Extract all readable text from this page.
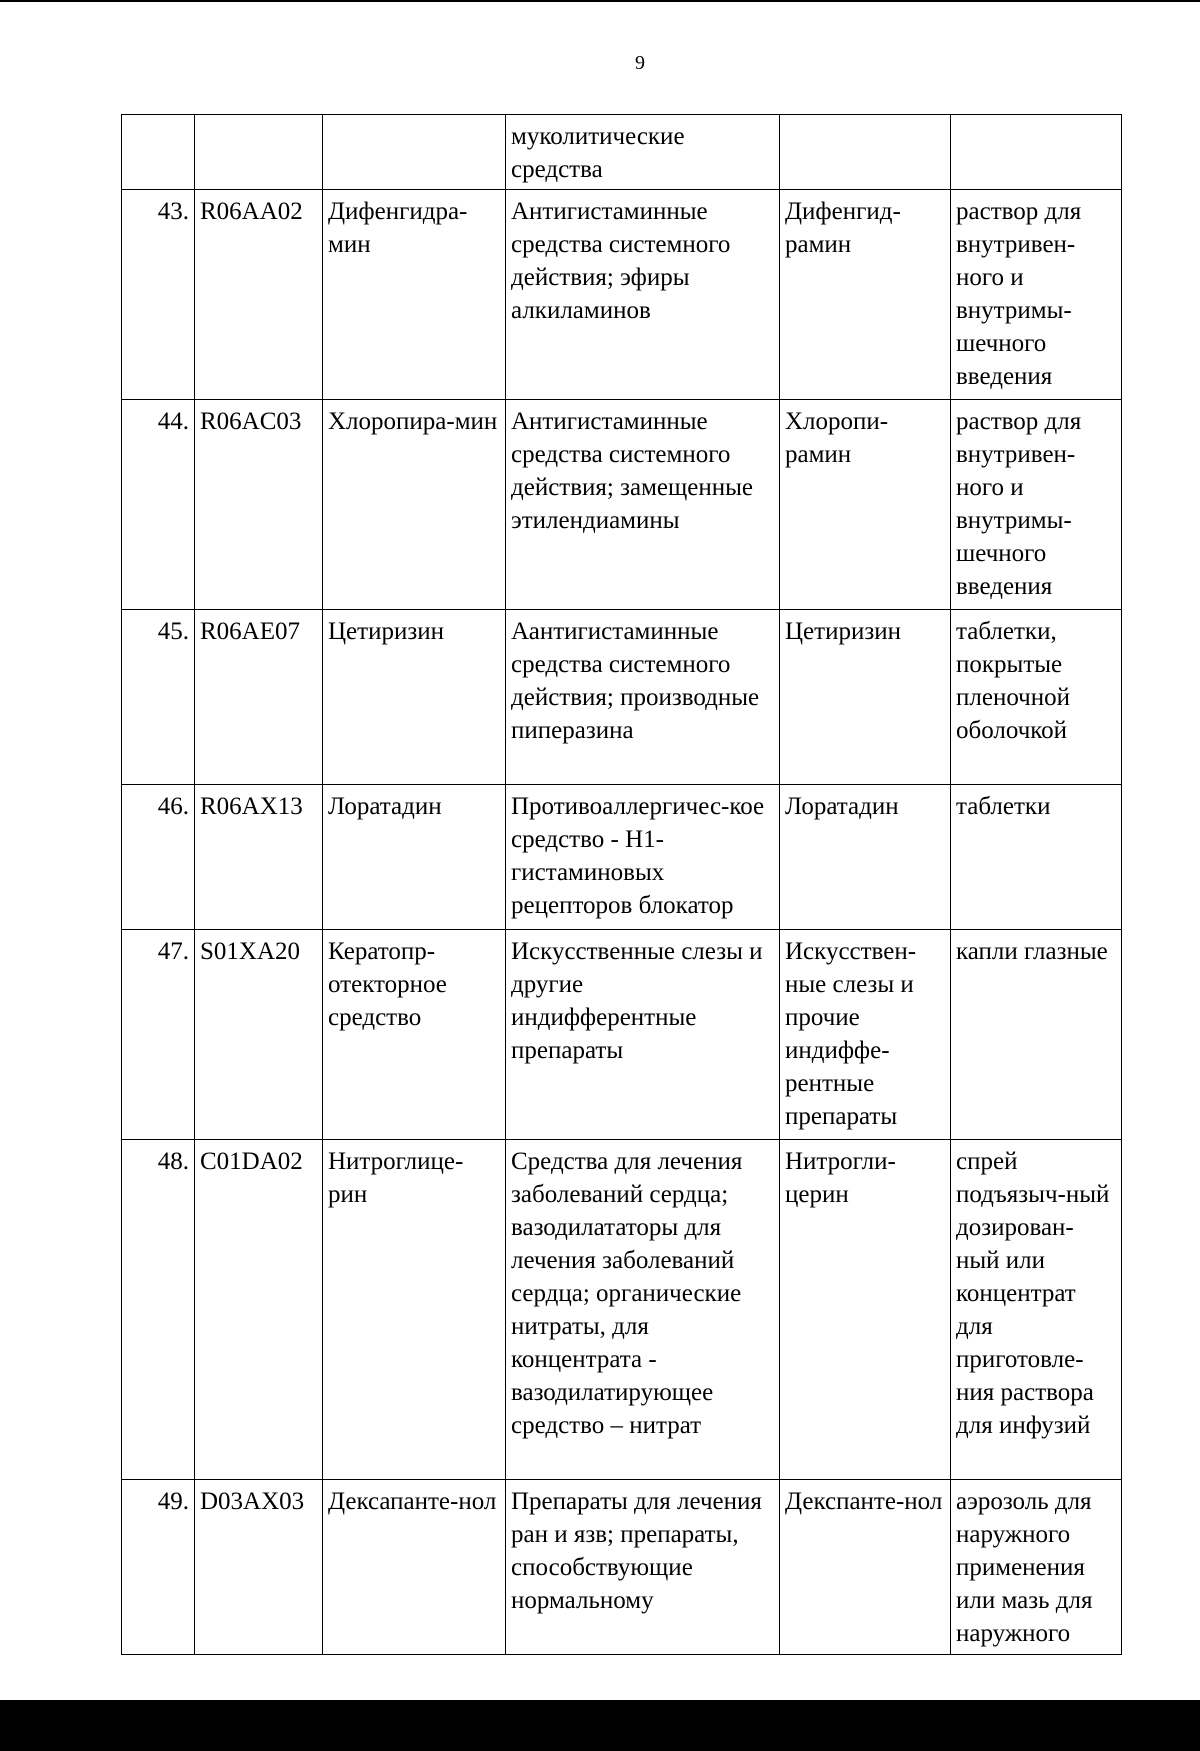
9
			муколитические средства		
43.	R06AA02	Дифенгидра-мин	Антигистаминные средства системного действия; эфиры алкиламинов	Дифенгид-рамин	раствор для внутривен-ного и внутримы-шечного введения
44.	R06AC03	Хлоропира-мин	Антигистаминные средства системного действия; замещенные этилендиамины	Хлоропи-рамин	раствор для внутривен-ного и внутримы-шечного введения
45.	R06AE07	Цетиризин	Аантигистаминные средства системного действия; производные пиперазина	Цетиризин	таблетки, покрытые пленочной оболочкой
46.	R06AX13	Лоратадин	Противоаллергичес-кое средство - Н1-гистаминовых рецепторов блокатор	Лоратадин	таблетки
47.	S01XA20	Кератопр-отекторное средство	Искусственные слезы и другие индифферентные препараты	Искусствен-ные слезы и прочие индиффе-рентные препараты	капли глазные
48.	C01DA02	Нитроглице-рин	Средства для лечения заболеваний сердца; вазодилататоры для лечения заболеваний сердца; органические нитраты, для концентрата - вазодилатирующее средство – нитрат	Нитрогли-церин	спрей подъязыч-ный дозирован-ный или концентрат для приготовле-ния раствора для инфузий
49.	D03AX03	Дексапанте-нол	Препараты для лечения ран и язв; препараты, способствующие нормальному	Декспанте-нол	аэрозоль для наружного применения или мазь для наружного
